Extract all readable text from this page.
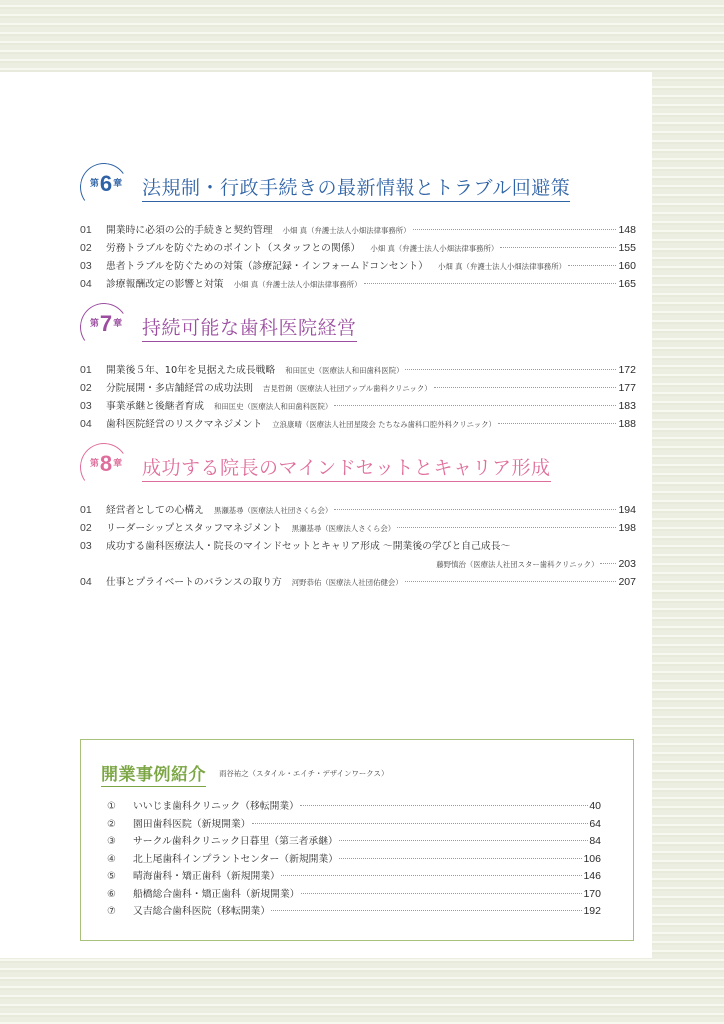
$^第6^章$	法規制・行政手続きの最新情報とトラブル回避策
01	開業時に必須の公的手続きと契約管理 小畑 真（弁護士法人小畑法律事務所）	148
02	労務トラブルを防ぐためのポイント（スタッフとの関係） 小畑 真（弁護士法人小畑法律事務所）	155
03	患者トラブルを防ぐための対策（診療記録・インフォームドコンセント） 小畑 真（弁護士法人小畑法律事務所）	160
04	診療報酬改定の影響と対策 小畑 真（弁護士法人小畑法律事務所）	165
$^第7^章$	持続可能な歯科医院経営
01	開業後５年、10年を見据えた成長戦略 和田匡史（医療法人和田歯科医院）	172
02	分院展開・多店舗経営の成功法則 吉見哲朗（医療法人社団アップル歯科クリニック）	177
03	事業承継と後継者育成 和田匡史（医療法人和田歯科医院）	183
04	歯科医院経営のリスクマネジメント 立浪康晴（医療法人社団星陵会 たちなみ歯科口腔外科クリニック）	188
$^第8^章$	成功する院長のマインドセットとキャリア形成
01	経営者としての心構え 黒瀬基尋（医療法人社団さくら会）	194
02	リーダーシップとスタッフマネジメント 黒瀬基尋（医療法人さくら会）	198
03	成功する歯科医療法人・院長のマインドセットとキャリア形成 〜開業後の学びと自己成長〜
藤野慎治（医療法人社団スター歯科クリニック） 203
04	仕事とプライベートのバランスの取り方 河野恭佑（医療法人社団佑健会）	207
開業事例紹介 $^{雨谷祐之(スタイル・エイチ・デザインワークス)}$
①	いいじま歯科クリニック（移転開業）	40
②	園田歯科医院（新規開業）	64
③	サークル歯科クリニック日暮里（第三者承継）	84
④	北上尾歯科インプラントセンター（新規開業）	106
⑤	晴海歯科・矯正歯科（新規開業）	146
⑥	船橋総合歯科・矯正歯科（新規開業）	170
⑦	又吉総合歯科医院（移転開業）	192
